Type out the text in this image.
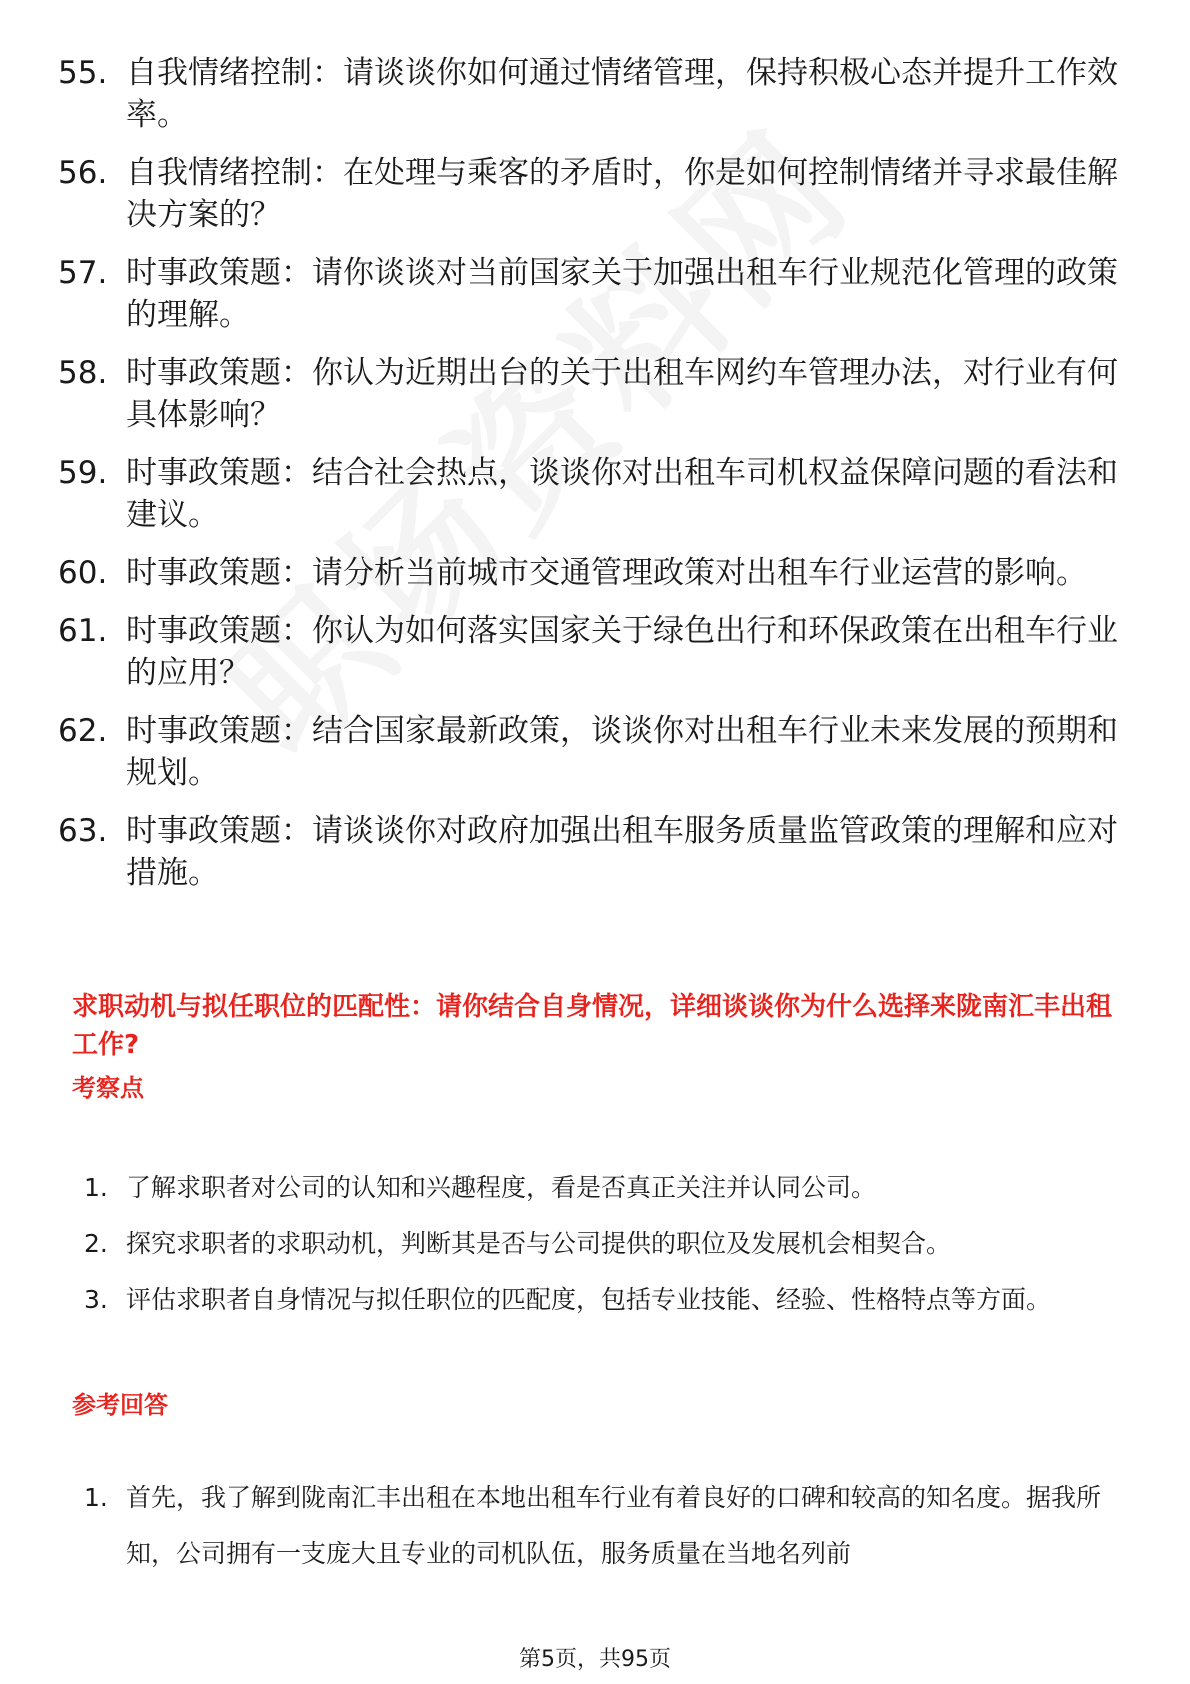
55. 自我情绪控制：请谈谈你如何通过情绪管理，保持积极心态并提升工作效率。
56. 自我情绪控制：在处理与乘客的矛盾时，你是如何控制情绪并寻求最佳解决方案的？
57. 时事政策题：请你谈谈对当前国家关于加强出租车行业规范化管理的政策的理解。
58. 时事政策题：你认为近期出台的关于出租车网约车管理办法，对行业有何具体影响？
59. 时事政策题：结合社会热点，谈谈你对出租车司机权益保障问题的看法和建议。
60. 时事政策题：请分析当前城市交通管理政策对出租车行业运营的影响。
61. 时事政策题：你认为如何落实国家关于绿色出行和环保政策在出租车行业的应用？
62. 时事政策题：结合国家最新政策，谈谈你对出租车行业未来发展的预期和规划。
63. 时事政策题：请谈谈你对政府加强出租车服务质量监管政策的理解和应对措施。
求职动机与拟任职位的匹配性：请你结合自身情况，详细谈谈你为什么选择来陇南汇丰出租工作?
考察点
1. 了解求职者对公司的认知和兴趣程度，看是否真正关注并认同公司。
2. 探究求职者的求职动机，判断其是否与公司提供的职位及发展机会相契合。
3. 评估求职者自身情况与拟任职位的匹配度，包括专业技能、经验、性格特点等方面。
参考回答
1. 首先，我了解到陇南汇丰出租在本地出租车行业有着良好的口碑和较高的知名度。据我所知，公司拥有一支庞大且专业的司机队伍，服务质量在当地名列前
第5页，共95页
